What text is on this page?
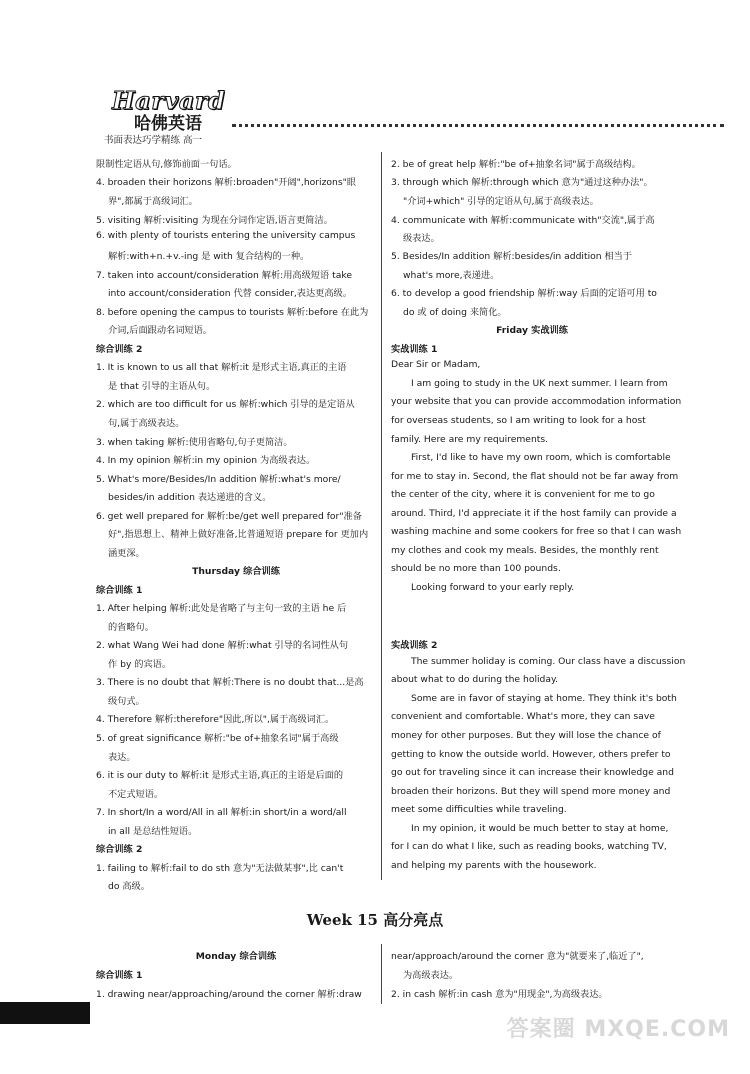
Harvard
哈佛英语
书面表达巧学精练 高一
限制性定语从句,修饰前面一句话。
4. broaden their horizons 解析:broaden"开阔",horizons"眼
界",都属于高级词汇。
5. visiting 解析:visiting 为现在分词作定语,语言更简洁。
6. with plenty of tourists entering the university campus
解析:with+n.+v.-ing 是 with 复合结构的一种。
7. taken into account/consideration 解析:用高级短语 take
into account/consideration 代替 consider,表达更高级。
8. before opening the campus to tourists 解析:before 在此为
介词,后面跟动名词短语。
综合训练 2
1. It is known to us all that 解析:it 是形式主语,真正的主语
是 that 引导的主语从句。
2. which are too difficult for us 解析:which 引导的是定语从
句,属于高级表达。
3. when taking 解析:使用省略句,句子更简洁。
4. In my opinion 解析:in my opinion 为高级表达。
5. What's more/Besides/In addition 解析:what's more/
besides/in addition 表达递进的含义。
6. get well prepared for 解析:be/get well prepared for"准备
好",指思想上、精神上做好准备,比普通短语 prepare for 更加内
涵更深。
Thursday 综合训练
综合训练 1
1. After helping 解析:此处是省略了与主句一致的主语 he 后
的省略句。
2. what Wang Wei had done 解析:what 引导的名词性从句
作 by 的宾语。
3. There is no doubt that 解析:There is no doubt that...是高
级句式。
4. Therefore 解析:therefore"因此,所以",属于高级词汇。
5. of great significance 解析:"be of+抽象名词"属于高级
表达。
6. it is our duty to 解析:it 是形式主语,真正的主语是后面的
不定式短语。
7. In short/In a word/All in all 解析:in short/in a word/all
in all 是总结性短语。
综合训练 2
1. failing to 解析:fail to do sth 意为"无法做某事",比 can't
do 高级。
2. be of great help 解析:"be of+抽象名词"属于高级结构。
3. through which 解析:through which 意为"通过这种办法"。
"介词+which" 引导的定语从句,属于高级表达。
4. communicate with 解析:communicate with"交流",属于高
级表达。
5. Besides/In addition 解析:besides/in addition 相当于
what's more,表递进。
6. to develop a good friendship 解析:way 后面的定语可用 to
do 或 of doing 来简化。
Friday 实战训练
实战训练 1
Dear Sir or Madam,
I am going to study in the UK next summer. I learn from
your website that you can provide accommodation information
for overseas students, so I am writing to look for a host
family. Here are my requirements.
First, I'd like to have my own room, which is comfortable
for me to stay in. Second, the flat should not be far away from
the center of the city, where it is convenient for me to go
around. Third, I'd appreciate it if the host family can provide a
washing machine and some cookers for free so that I can wash
my clothes and cook my meals. Besides, the monthly rent
should be no more than 100 pounds.
Looking forward to your early reply.
实战训练 2
The summer holiday is coming. Our class have a discussion
about what to do during the holiday.
Some are in favor of staying at home. They think it's both
convenient and comfortable. What's more, they can save
money for other purposes. But they will lose the chance of
getting to know the outside world. However, others prefer to
go out for traveling since it can increase their knowledge and
broaden their horizons. But they will spend more money and
meet some difficulties while traveling.
In my opinion, it would be much better to stay at home,
for I can do what I like, such as reading books, watching TV,
and helping my parents with the housework.
Week 15 高分亮点
Monday 综合训练
综合训练 1
1. drawing near/approaching/around the corner 解析:draw
near/approach/around the corner 意为"就要来了,临近了",
为高级表达。
2. in cash 解析:in cash 意为"用现金",为高级表达。
答案圈 MXQE.COM
